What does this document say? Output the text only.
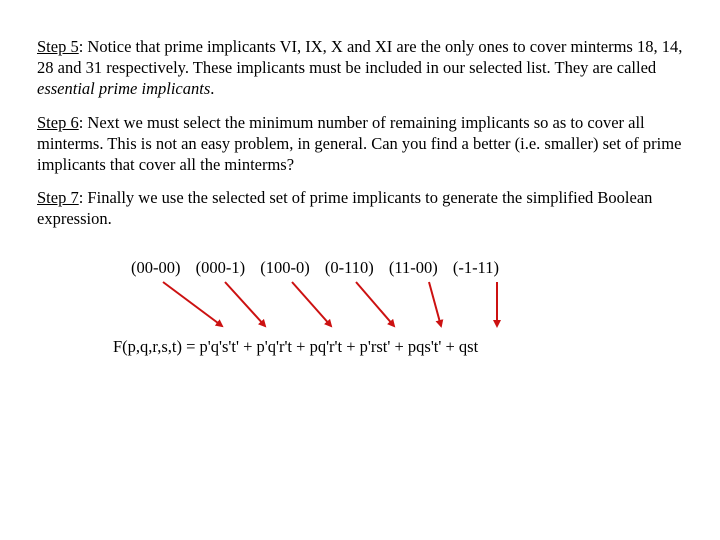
Step 5: Notice that prime implicants VI, IX, X and XI are the only ones to cover minterms 18, 14, 28 and 31 respectively. These implicants must be included in our selected list. They are called essential prime implicants.

Step 6: Next we must select the minimum number of remaining implicants so as to cover all minterms. This is not an easy problem, in general. Can you find a better (i.e. smaller) set of prime implicants that cover all the minterms?

Step 7: Finally we use the selected set of prime implicants to generate the simplified Boolean expression.

(00-00) (000-1) (100-0) (0-110) (11-00) (-1-11)
F(p,q,r,s,t) = p'q's't' + p'q'r't + pq'r't + p'rst' + pqs't' + qst
